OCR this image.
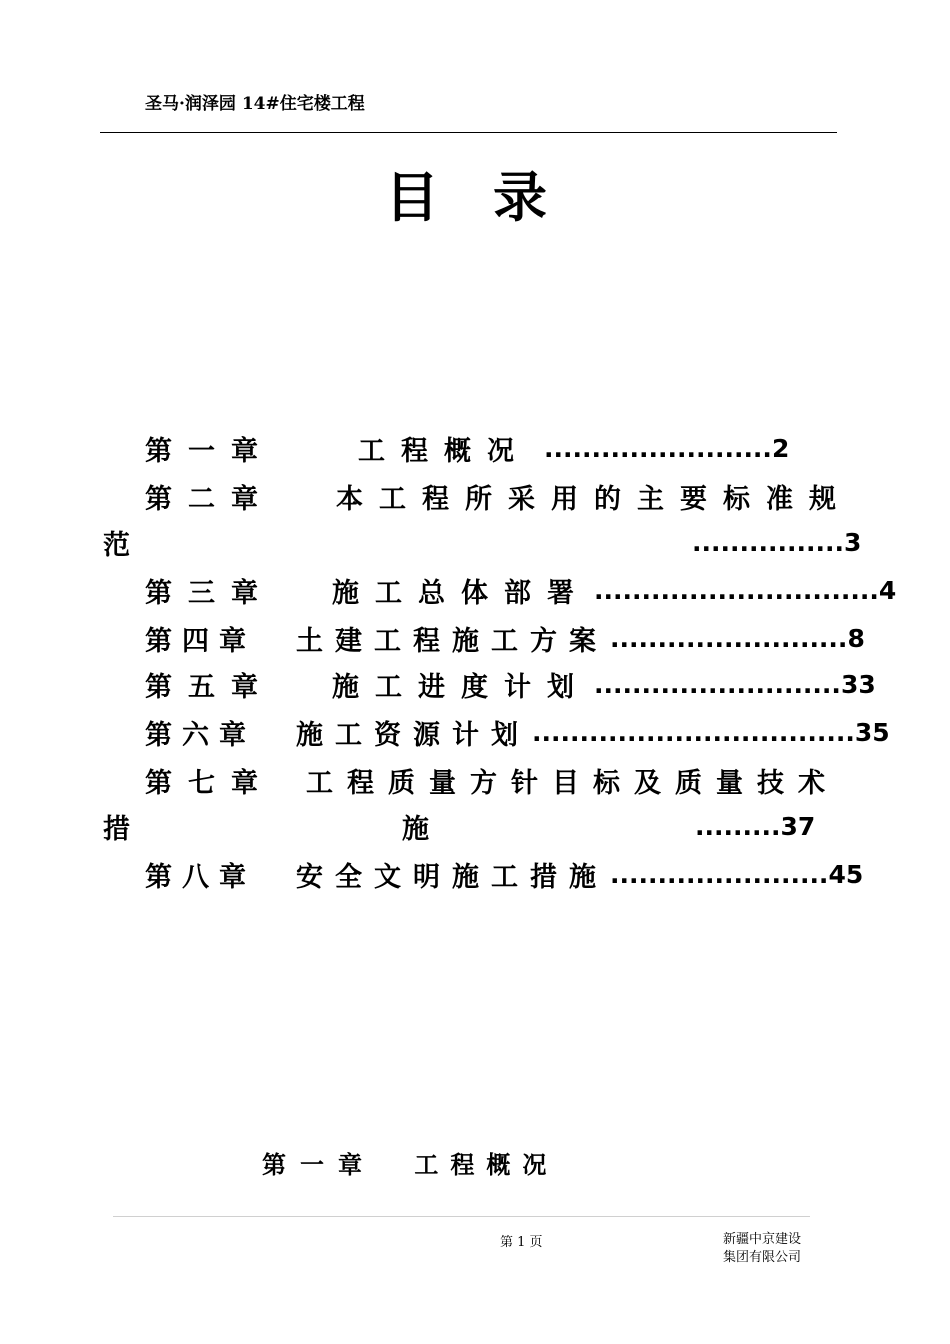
圣马·润泽园 14#住宅楼工程
目录
第一章	工程概况 ........................ 2
第二章 本工程所采用的主要标准规
范	................ 3
第三章 施工总体部署 .............................. 4
第四章 土建工程施工方案 ......................... 8
第五章 施工进度计划 .......................... 33
第六章 施工资源计划 .................................. 35
第七章 工程质量方针目标及质量技术
措	施	......... 37
第八章 安全文明施工措施 ....................... 45
第一章 工程概况
第 1 页	新疆中京建设
集团有限公司
